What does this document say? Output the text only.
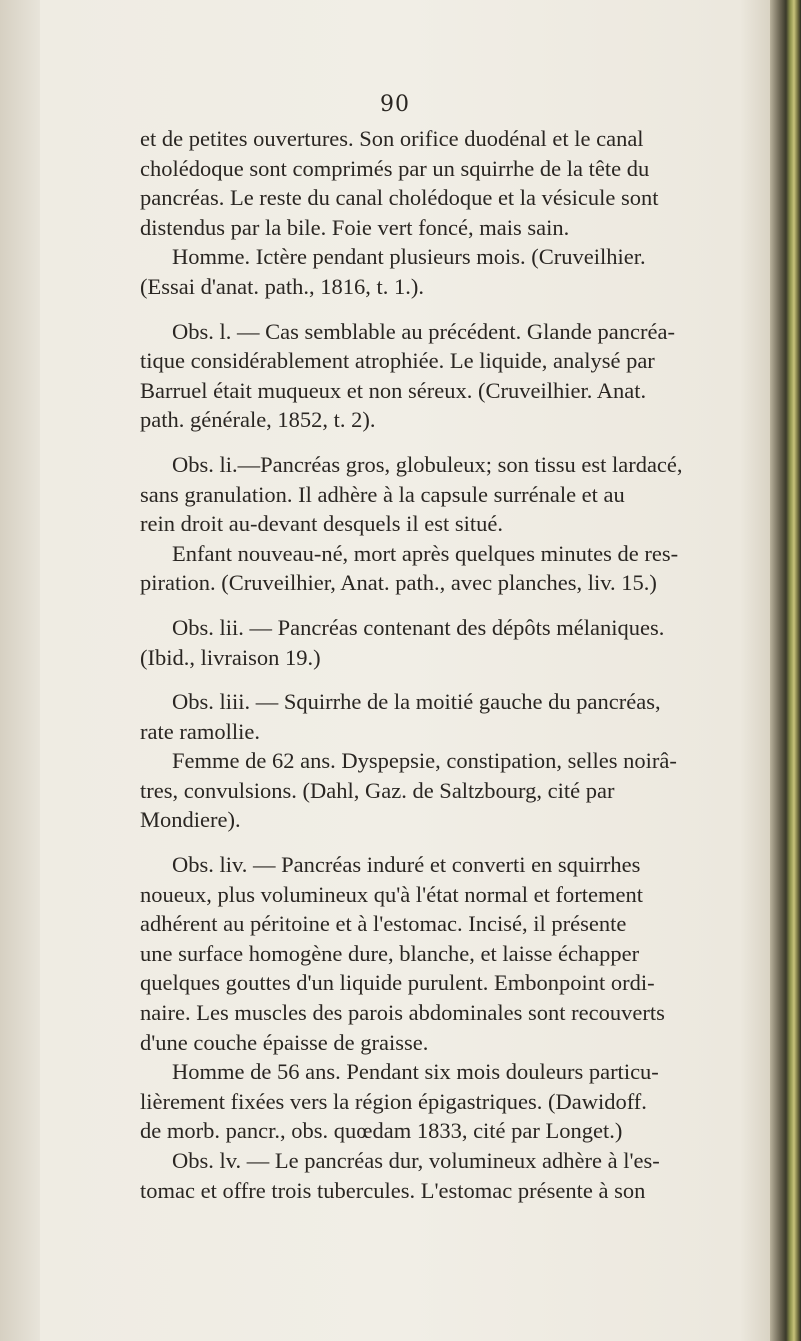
90

et de petites ouvertures. Son orifice duodénal et le canal
cholédoque sont comprimés par un squirrhe de la tête du
pancréas. Le reste du canal cholédoque et la vésicule sont
distendus par la bile. Foie vert foncé, mais sain.

Homme. Ictère pendant plusieurs mois. (Cruveilhier.
(Essai d'anat. path., 1816, t. 1.).

Obs. l. — Cas semblable au précédent. Glande pancréa-
tique considérablement atrophiée. Le liquide, analysé par
Barruel était muqueux et non séreux. (Cruveilhier. Anat.
path. générale, 1852, t. 2).

Obs. li.—Pancréas gros, globuleux; son tissu est lardacé,
sans granulation. Il adhère à la capsule surrénale et au
rein droit au-devant desquels il est situé.

Enfant nouveau-né, mort après quelques minutes de res-
piration. (Cruveilhier, Anat. path., avec planches, liv. 15.)

Obs. lii. — Pancréas contenant des dépôts mélaniques.
(Ibid., livraison 19.)

Obs. liii. — Squirrhe de la moitié gauche du pancréas,
rate ramollie.

Femme de 62 ans. Dyspepsie, constipation, selles noirâ-
tres, convulsions. (Dahl, Gaz. de Saltzbourg, cité par
Mondiere).

Obs. liv. — Pancréas induré et converti en squirrhes
noueux, plus volumineux qu'à l'état normal et fortement
adhérent au péritoine et à l'estomac. Incisé, il présente
une surface homogène dure, blanche, et laisse échapper
quelques gouttes d'un liquide purulent. Embonpoint ordi-
naire. Les muscles des parois abdominales sont recouverts
d'une couche épaisse de graisse.

Homme de 56 ans. Pendant six mois douleurs particu-
lièrement fixées vers la région épigastriques. (Dawidoff.
de morb. pancr., obs. quœdam 1833, cité par Longet.)

Obs. lv. — Le pancréas dur, volumineux adhère à l'es-
tomac et offre trois tubercules. L'estomac présente à son
